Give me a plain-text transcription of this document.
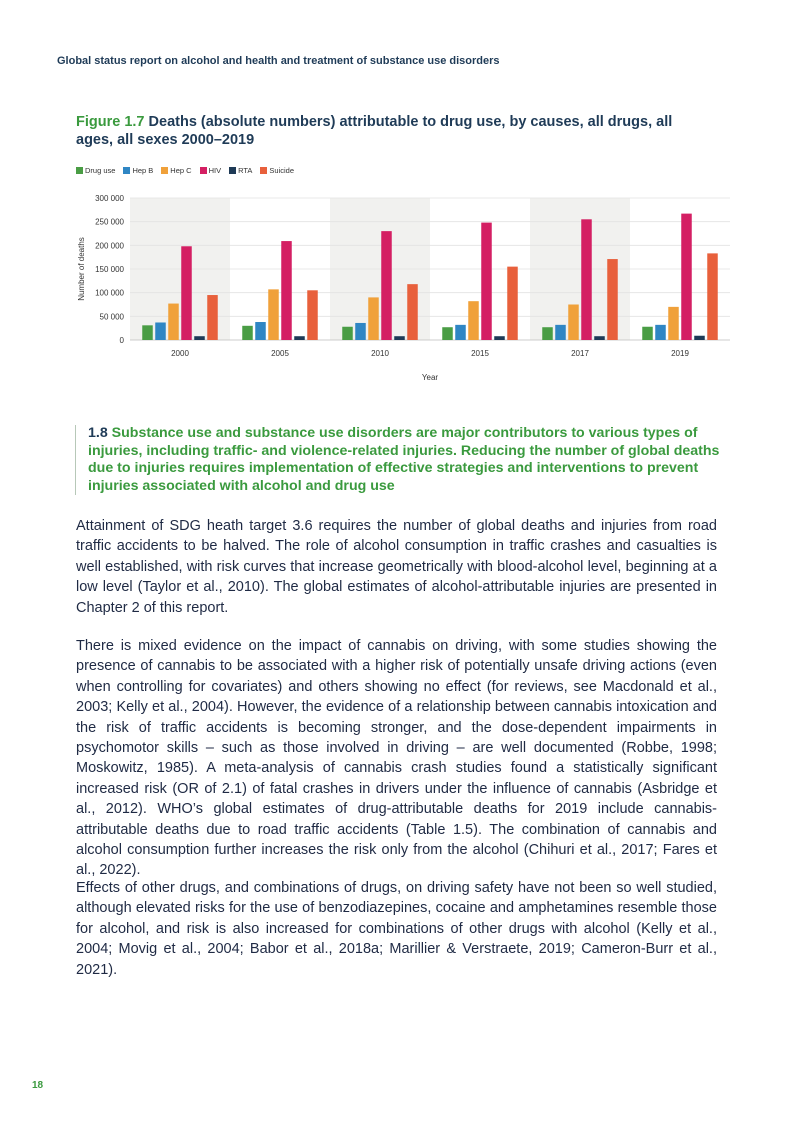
Global status report on alcohol and health and treatment of substance use disorders
Figure 1.7 Deaths (absolute numbers) attributable to drug use, by causes, all drugs, all ages, all sexes 2000–2019
Drug use Hep B Hep C HIV RTA Suicide
0
50 000
100 000
150 000
200 000
250 000
300 000
2000	2005	2010	2015	2017	2019
Number of deaths
Year
1.8 Substance use and substance use disorders are major contributors to various types of injuries, including traffic- and violence-related injuries. Reducing the number of global deaths due to injuries requires implementation of effective strategies and interventions to prevent injuries associated with alcohol and drug use

Attainment of SDG heath target 3.6 requires the number of global deaths and injuries from road traffic accidents to be halved. The role of alcohol consumption in traffic crashes and casualties is well established, with risk curves that increase geometrically with blood-alcohol level, beginning at a low level (Taylor et al., 2010). The global estimates of alcohol-attributable injuries are presented in Chapter 2 of this report.

There is mixed evidence on the impact of cannabis on driving, with some studies showing the presence of cannabis to be associated with a higher risk of potentially unsafe driving actions (even when controlling for covariates) and others showing no effect (for reviews, see Macdonald et al., 2003; Kelly et al., 2004). However, the evidence of a relationship between cannabis intoxication and the risk of traffic accidents is becoming stronger, and the dose-dependent impairments in psychomotor skills – such as those involved in driving – are well documented (Robbe, 1998; Moskowitz, 1985). A meta-analysis of cannabis crash studies found a statistically significant increased risk (OR of 2.1) of fatal crashes in drivers under the influence of cannabis (Asbridge et al., 2012). WHO’s global estimates of drug-attributable deaths for 2019 include cannabis-attributable deaths due to road traffic accidents (Table 1.5). The combination of cannabis and alcohol consumption further increases the risk only from the alcohol (Chihuri et al., 2017; Fares et al., 2022).

Effects of other drugs, and combinations of drugs, on driving safety have not been so well studied, although elevated risks for the use of benzodiazepines, cocaine and amphetamines resemble those for alcohol, and risk is also increased for combinations of other drugs with alcohol (Kelly et al., 2004; Movig et al., 2004; Babor et al., 2018a; Marillier & Verstraete, 2019; Cameron-Burr et al., 2021).

18
